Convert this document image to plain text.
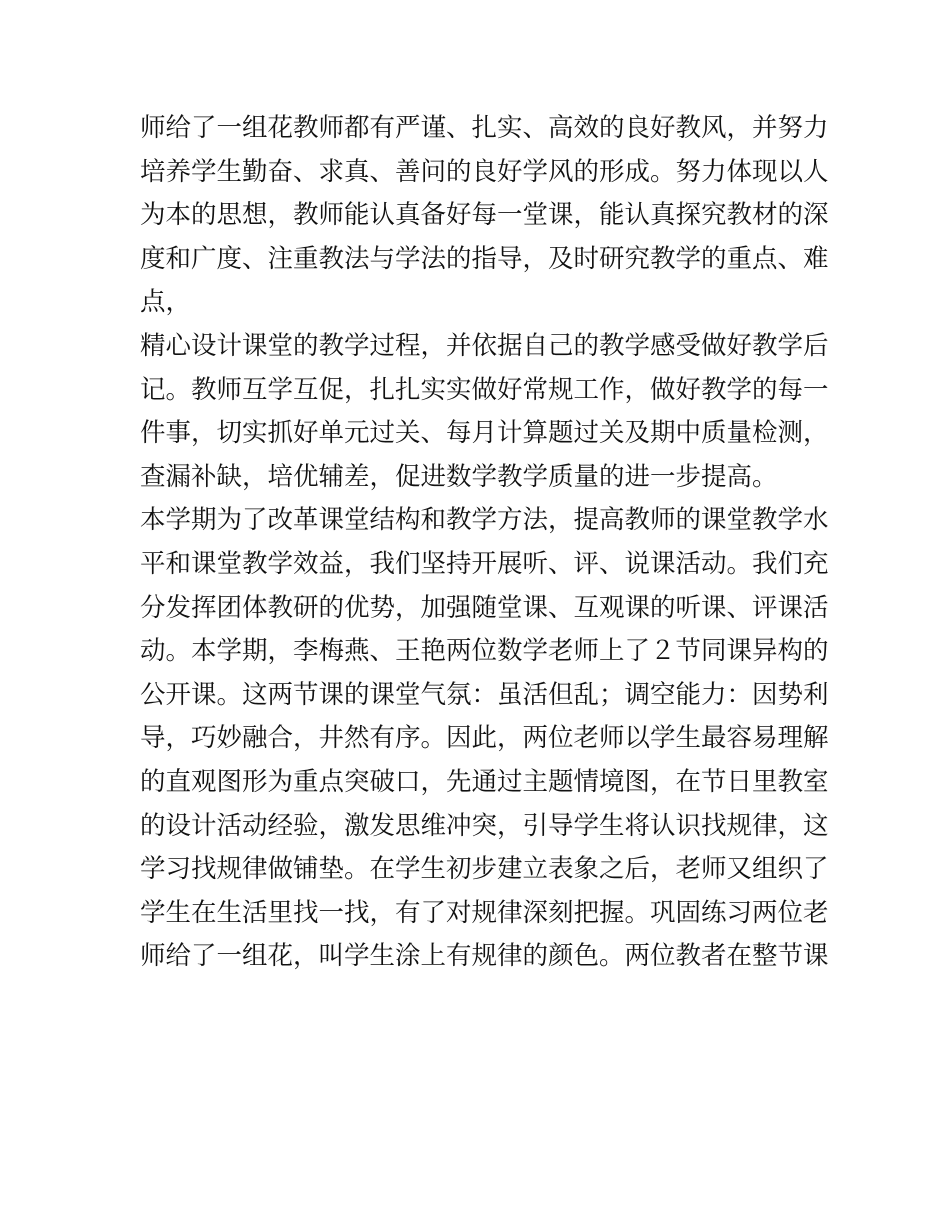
师给了一组花教师都有严谨、扎实、高效的良好教风，并努力
培养学生勤奋、求真、善问的良好学风的形成。努力体现以人
为本的思想，教师能认真备好每一堂课，能认真探究教材的深
度和广度、注重教法与学法的指导，及时研究教学的重点、难
点，
精心设计课堂的教学过程，并依据自己的教学感受做好教学后
记。教师互学互促，扎扎实实做好常规工作，做好教学的每一
件事，切实抓好单元过关、每月计算题过关及期中质量检测，
查漏补缺，培优辅差，促进数学教学质量的进一步提高。
本学期为了改革课堂结构和教学方法，提高教师的课堂教学水
平和课堂教学效益，我们坚持开展听、评、说课活动。我们充
分发挥团体教研的优势，加强随堂课、互观课的听课、评课活
动。本学期，李梅燕、王艳两位数学老师上了２节同课异构的
公开课。这两节课的课堂气氛：虽活但乱；调空能力：因势利
导，巧妙融合，井然有序。因此，两位老师以学生最容易理解
的直观图形为重点突破口，先通过主题情境图，在节日里教室
的设计活动经验，激发思维冲突，引导学生将认识找规律，这
学习找规律做铺垫。在学生初步建立表象之后，老师又组织了
学生在生活里找一找，有了对规律深刻把握。巩固练习两位老
师给了一组花，叫学生涂上有规律的颜色。两位教者在整节课
